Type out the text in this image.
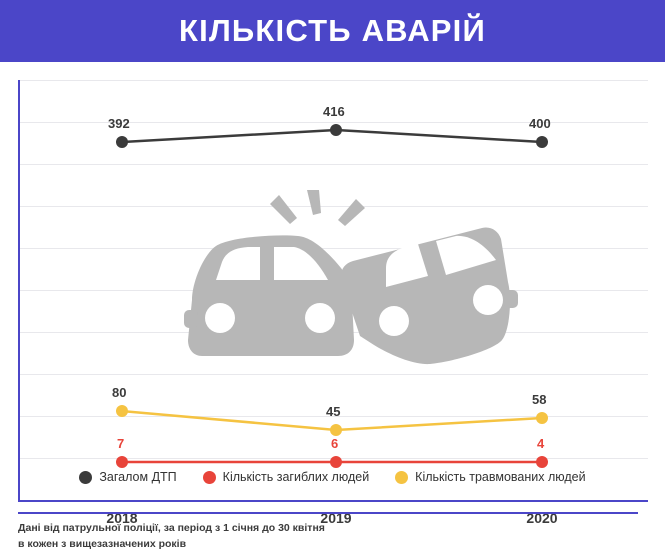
КІЛЬКІСТЬ АВАРІЙ
392
416
400
80
45
58
7	6	4
2018	2019	2020
Загалом ДТП	Кількість загиблих людей	Кількість травмованих людей
Дані від патрульної поліції, за період з 1 січня до 30 квітня
в кожен з вищезазначених років
